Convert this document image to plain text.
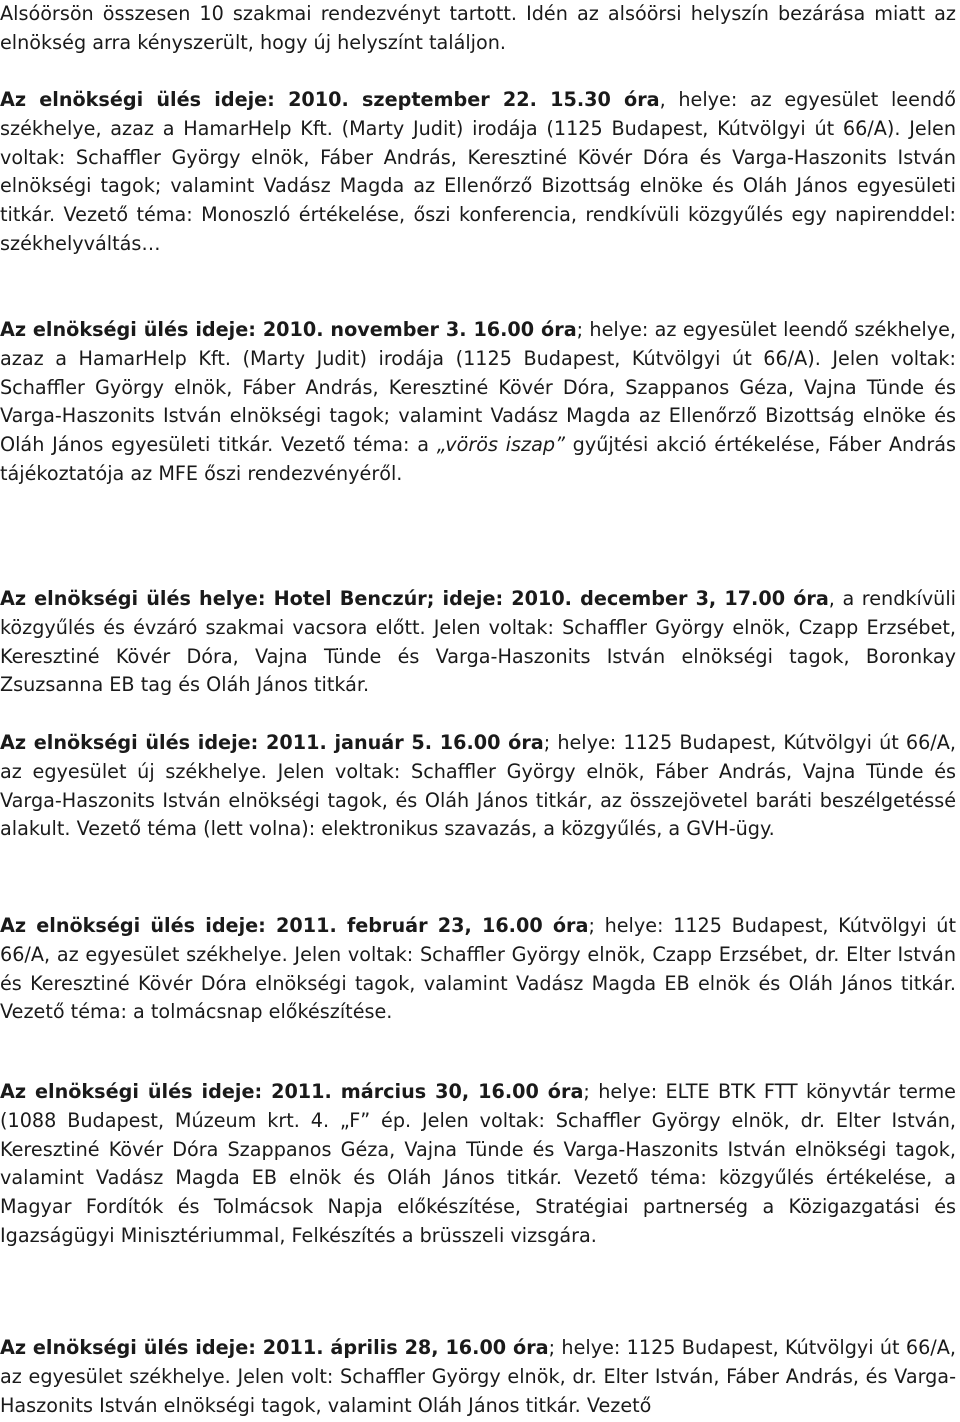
Alsóörsön összesen 10 szakmai rendezvényt tartott. Idén az alsóörsi helyszín bezárása miatt az elnökség arra kényszerült, hogy új helyszínt találjon.

Az elnökségi ülés ideje: 2010. szeptember 22. 15.30 óra, helye: az egyesület leendő székhelye, azaz a HamarHelp Kft. (Marty Judit) irodája (1125 Budapest, Kútvölgyi út 66/A). Jelen voltak: Schaffler György elnök, Fáber András, Keresztiné Kövér Dóra és Varga-Haszonits István elnökségi tagok; valamint Vadász Magda az Ellenőrző Bizottság elnöke és Oláh János egyesületi titkár. Vezető téma: Monoszló értékelése, őszi konferencia, rendkívüli közgyűlés egy napirenddel: székhelyváltás…

Az elnökségi ülés ideje: 2010. november 3. 16.00 óra; helye: az egyesület leendő székhelye, azaz a HamarHelp Kft. (Marty Judit) irodája (1125 Budapest, Kútvölgyi út 66/A). Jelen voltak: Schaffler György elnök, Fáber András, Keresztiné Kövér Dóra, Szappanos Géza, Vajna Tünde és Varga-Haszonits István elnökségi tagok; valamint Vadász Magda az Ellenőrző Bizottság elnöke és Oláh János egyesületi titkár. Vezető téma: a „vörös iszap” gyűjtési akció értékelése, Fáber András tájékoztatója az MFE őszi rendezvényéről.

Az elnökségi ülés helye: Hotel Benczúr; ideje: 2010. december 3, 17.00 óra, a rendkívüli közgyűlés és évzáró szakmai vacsora előtt. Jelen voltak: Schaffler György elnök, Czapp Erzsébet, Keresztiné Kövér Dóra, Vajna Tünde és Varga-Haszonits István elnökségi tagok, Boronkay Zsuzsanna EB tag és Oláh János titkár.

Az elnökségi ülés ideje: 2011. január 5. 16.00 óra; helye: 1125 Budapest, Kútvölgyi út 66/A, az egyesület új székhelye. Jelen voltak: Schaffler György elnök, Fáber András, Vajna Tünde és Varga-Haszonits István elnökségi tagok, és Oláh János titkár, az összejövetel baráti beszélgetéssé alakult. Vezető téma (lett volna): elektronikus szavazás, a közgyűlés, a GVH-ügy.

Az elnökségi ülés ideje: 2011. február 23, 16.00 óra; helye: 1125 Budapest, Kútvölgyi út 66/A, az egyesület székhelye. Jelen voltak: Schaffler György elnök, Czapp Erzsébet, dr. Elter István és Keresztiné Kövér Dóra elnökségi tagok, valamint Vadász Magda EB elnök és Oláh János titkár. Vezető téma: a tolmácsnap előkészítése.

Az elnökségi ülés ideje: 2011. március 30, 16.00 óra; helye: ELTE BTK FTT könyvtár terme (1088 Budapest, Múzeum krt. 4. „F” ép. Jelen voltak: Schaffler György elnök, dr. Elter István, Keresztiné Kövér Dóra Szappanos Géza, Vajna Tünde és Varga-Haszonits István elnökségi tagok, valamint Vadász Magda EB elnök és Oláh János titkár. Vezető téma: közgyűlés értékelése, a Magyar Fordítók és Tolmácsok Napja előkészítése, Stratégiai partnerség a Közigazgatási és Igazságügyi Minisztériummal, Felkészítés a brüsszeli vizsgára.

Az elnökségi ülés ideje: 2011. április 28, 16.00 óra; helye: 1125 Budapest, Kútvölgyi út 66/A, az egyesület székhelye. Jelen volt: Schaffler György elnök, dr. Elter István, Fáber András, és Varga-Haszonits István elnökségi tagok, valamint Oláh János titkár. Vezető
